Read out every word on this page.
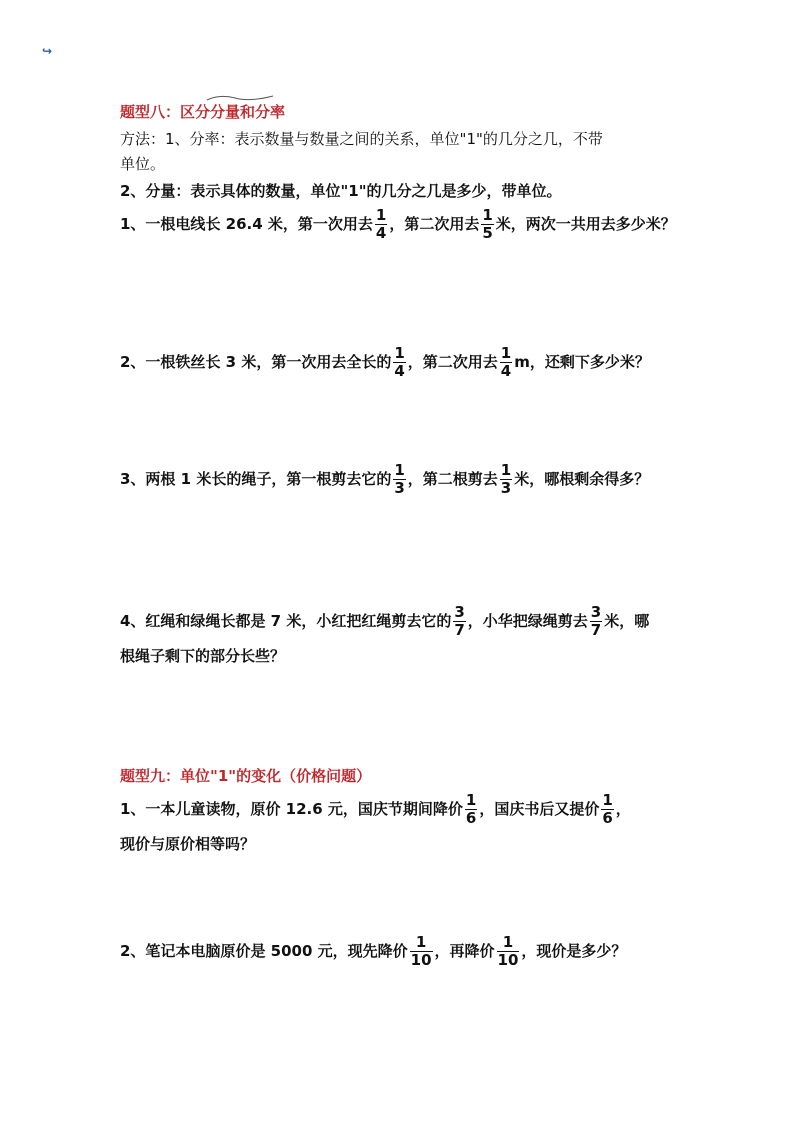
↪
题型八：区分分量和分率
方法：1、分率：表示数量与数量之间的关系，单位"1"的几分之几，不带
单位。
2、分量：表示具体的数量，单位"1"的几分之几是多少，带单位。
1、一根电线长 26.4 米，第一次用去 $\frac{1}{4}$ ，第二次用去 $\frac{1}{5}$ 米，两次一共用去多少米？
2、一根铁丝长 3 米，第一次用去全长的 $\frac{1}{4}$ ，第二次用去 $\frac{1}{4}$ m，还剩下多少米？
3、两根 1 米长的绳子，第一根剪去它的 $\frac{1}{3}$ ，第二根剪去 $\frac{1}{3}$ 米，哪根剩余得多？
4、红绳和绿绳长都是 7 米，小红把红绳剪去它的 $\frac{3}{7}$ ，小华把绿绳剪去 $\frac{3}{7}$ 米，哪
根绳子剩下的部分长些？
题型九：单位"1"的变化（价格问题）
1、一本儿童读物，原价 12.6 元，国庆节期间降价 $\frac{1}{6}$ ，国庆书后又提价 $\frac{1}{6}$ ，
现价与原价相等吗？
2、笔记本电脑原价是 5000 元，现先降价 $\frac{1}{10}$ ，再降价 $\frac{1}{10}$ ，现价是多少？
